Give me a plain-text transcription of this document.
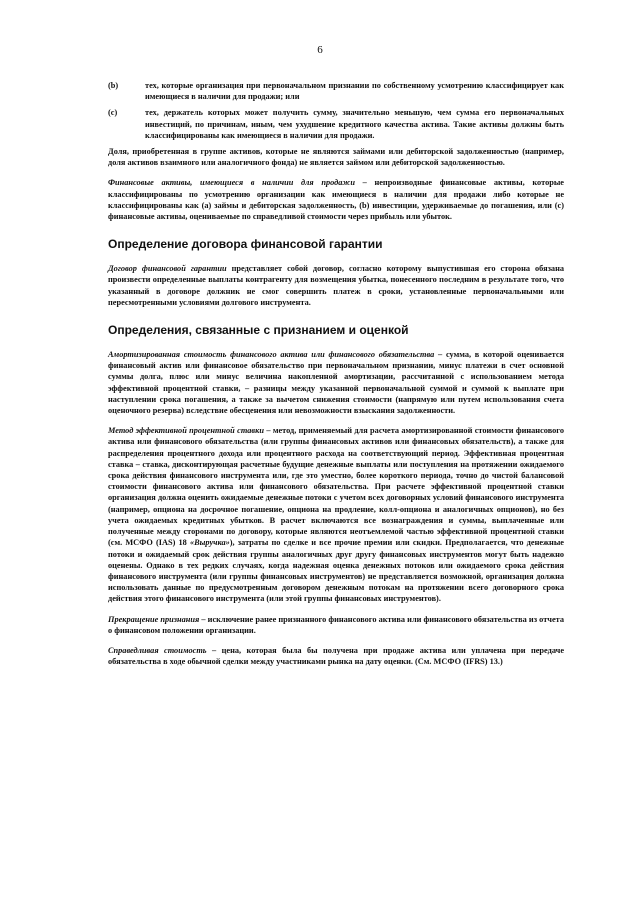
6
(b)	тех, которые организация при первоначальном признании по собственному усмотрению классифицирует как имеющиеся в наличии для продажи; или
(c)	тех, держатель которых может получить сумму, значительно меньшую, чем сумма его первоначальных инвестиций, по причинам, иным, чем ухудшение кредитного качества актива. Такие активы должны быть классифицированы как имеющиеся в наличии для продажи.

Доля, приобретенная в группе активов, которые не являются займами или дебиторской задолженностью (например, доля активов взаимного или аналогичного фонда) не является займом или дебиторской задолженностью.

Финансовые активы, имеющиеся в наличии для продажи – непроизводные финансовые активы, которые классифицированы по усмотрению организации как имеющиеся в наличии для продажи либо которые не классифицированы как (a) займы и дебиторская задолженность, (b) инвестиции, удерживаемые до погашения, или (c) финансовые активы, оцениваемые по справедливой стоимости через прибыль или убыток.

Определение договора финансовой гарантии

Договор финансовой гарантии представляет собой договор, согласно которому выпустившая его сторона обязана произвести определенные выплаты контрагенту для возмещения убытка, понесенного последним в результате того, что указанный в договоре должник не смог совершить платеж в сроки, установленные первоначальными или пересмотренными условиями долгового инструмента.

Определения, связанные с признанием и оценкой

Амортизированная стоимость финансового актива или финансового обязательства – сумма, в которой оценивается финансовый актив или финансовое обязательство при первоначальном признании, минус платежи в счет основной суммы долга, плюс или минус величина накопленной амортизации, рассчитанной с использованием метода эффективной процентной ставки, – разницы между указанной первоначальной суммой и суммой к выплате при наступлении срока погашения, а также за вычетом снижения стоимости (напрямую или путем использования счета оценочного резерва) вследствие обесценения или невозможности взыскания задолженности.

Метод эффективной процентной ставки – метод, применяемый для расчета амортизированной стоимости финансового актива или финансового обязательства (или группы финансовых активов или финансовых обязательств), а также для распределения процентного дохода или процентного расхода на соответствующий период. Эффективная процентная ставка – ставка, дисконтирующая расчетные будущие денежные выплаты или поступления на протяжении ожидаемого срока действия финансового инструмента или, где это уместно, более короткого периода, точно до чистой балансовой стоимости финансового актива или финансового обязательства. При расчете эффективной процентной ставки организация должна оценить ожидаемые денежные потоки с учетом всех договорных условий финансового инструмента (например, опциона на досрочное погашение, опциона на продление, колл-опциона и аналогичных опционов), но без учета ожидаемых кредитных убытков. В расчет включаются все вознаграждения и суммы, выплаченные или полученные между сторонами по договору, которые являются неотъемлемой частью эффективной процентной ставки (см. МСФО (IAS) 18 «Выручка»), затраты по сделке и все прочие премии или скидки. Предполагается, что денежные потоки и ожидаемый срок действия группы аналогичных друг другу финансовых инструментов могут быть надежно оценены. Однако в тех редких случаях, когда надежная оценка денежных потоков или ожидаемого срока действия финансового инструмента (или группы финансовых инструментов) не представляется возможной, организация должна использовать данные по предусмотренным договором денежным потокам на протяжении всего договорного срока действия этого финансового инструмента (или этой группы финансовых инструментов).

Прекращение признания – исключение ранее признанного финансового актива или финансового обязательства из отчета о финансовом положении организации.

Справедливая стоимость – цена, которая была бы получена при продаже актива или уплачена при передаче обязательства в ходе обычной сделки между участниками рынка на дату оценки. (См. МСФО (IFRS) 13.)
